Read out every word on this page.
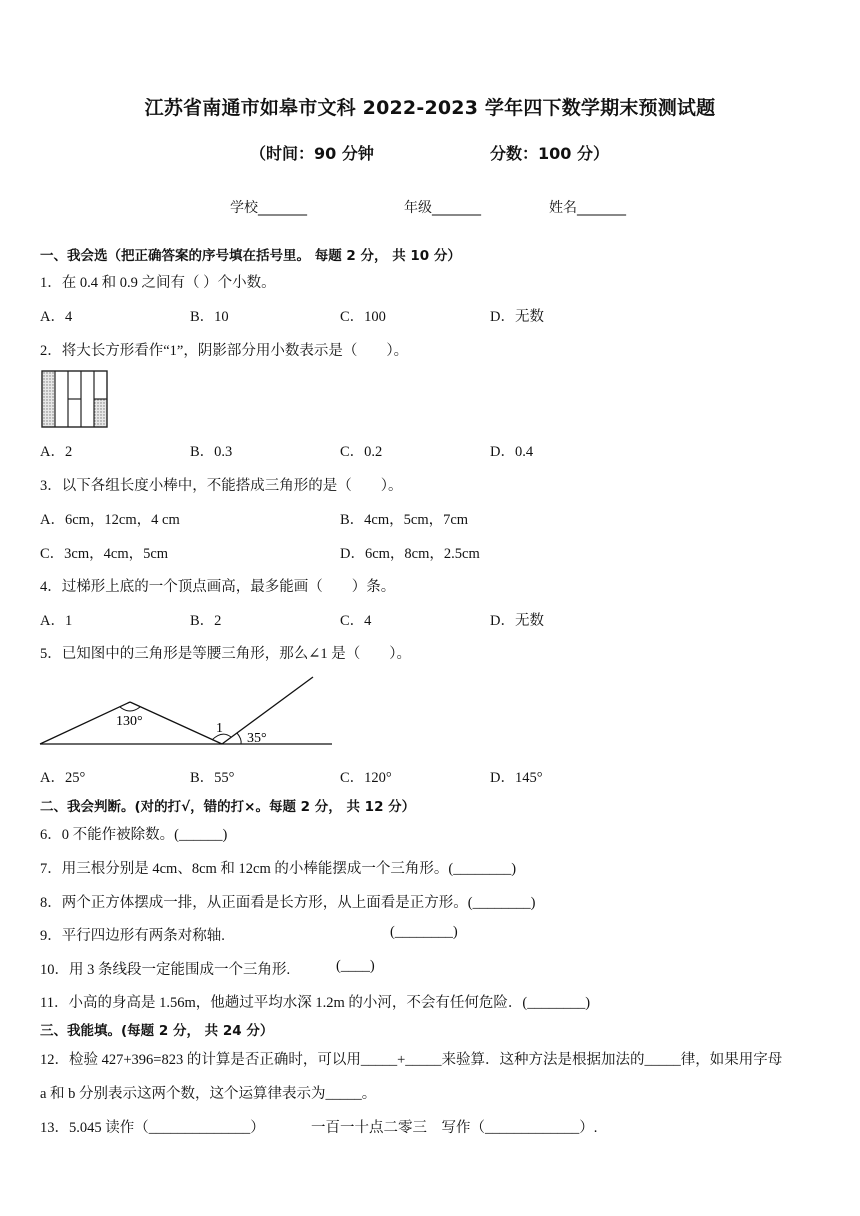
江苏省南通市如皋市文科 2022-2023 学年四下数学期末预测试题
（时间：90 分钟	分数：100 分）
学校_______	年级_______	姓名_______
一、我会选（把正确答案的序号填在括号里。 每题 2 分， 共 10 分）
1．在 0.4 和 0.9 之间有（ ）个小数。
A．4	B．10	C．100	D．无数
2．将大长方形看作“1”，阴影部分用小数表示是（　　）。
A．2	B．0.3	C．0.2	D．0.4
3．以下各组长度小棒中，不能搭成三角形的是（　　）。
A．6cm，12cm，4 cm	B．4cm，5cm，7cm
C．3cm，4cm，5cm	D．6cm，8cm，2.5cm
4．过梯形上底的一个顶点画高，最多能画（　　）条。
A．1	B．2	C．4	D．无数
5．已知图中的三角形是等腰三角形，那么∠1 是（　　）。
130°	1
35°
A．25°	B．55°	C．120°	D．145°
二、我会判断。(对的打√，错的打×。每题 2 分， 共 12 分）
6．0 不能作被除数。(______)
7．用三根分别是 4cm、8cm 和 12cm 的小棒能摆成一个三角形。(________)
8．两个正方体摆成一排，从正面看是长方形，从上面看是正方形。(________)
9．平行四边形有两条对称轴.	(________)
10．用 3 条线段一定能围成一个三角形.	(____)
11．小高的身高是 1.56m，他趟过平均水深 1.2m 的小河，不会有任何危险．(________)
三、我能填。(每题 2 分， 共 24 分）
12．检验 427+396=823 的计算是否正确时，可以用_____+_____来验算．这种方法是根据加法的_____律，如果用字母
a 和 b 分别表示这两个数，这个运算律表示为_____。
13．5.045 读作（______________）	一百一十点二零三　写作（_____________）.
